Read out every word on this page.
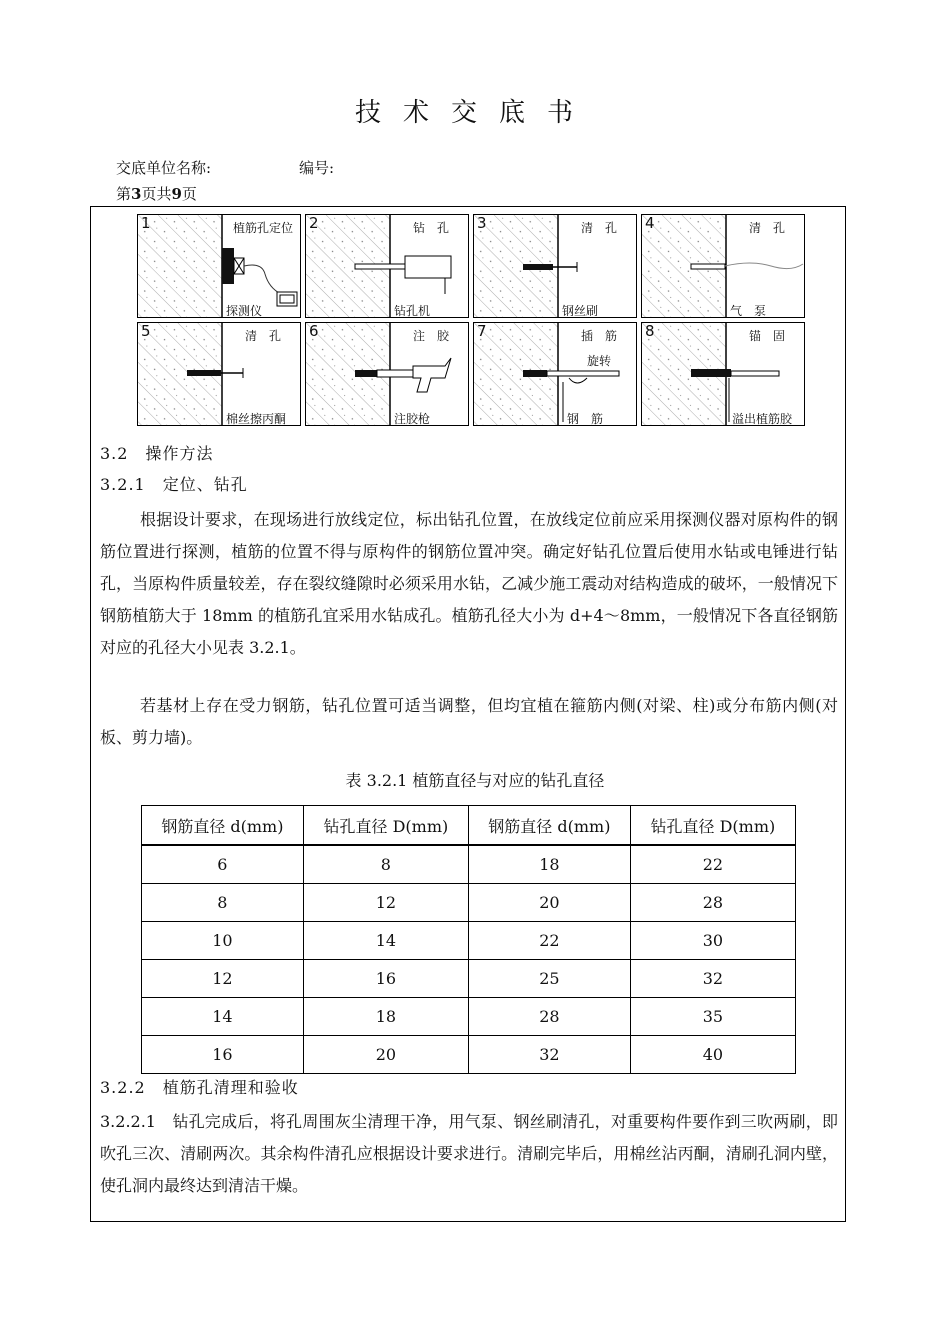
技术交底书
交底单位名称:	编号:
第3页共9页
1	植筋孔定位
探测仪
2	钻　孔
钻孔机
3	清　孔
钢丝刷
4	清　孔
气　泵
5	清　孔
棉丝擦丙酮
6	注　胶
注胶枪
7	插　筋
旋转
钢　筋
8	锚　固
溢出植筋胶
3.2　操作方法
3.2.1　定位、钻孔
根据设计要求，在现场进行放线定位，标出钻孔位置，在放线定位前应采用探测仪器对原构件的钢筋位置进行探测，植筋的位置不得与原构件的钢筋位置冲突。确定好钻孔位置后使用水钻或电锤进行钻孔，当原构件质量较差，存在裂纹缝隙时必须采用水钻，乙减少施工震动对结构造成的破坏，一般情况下钢筋植筋大于 18mm 的植筋孔宜采用水钻成孔。植筋孔径大小为 d+4～8mm，一般情况下各直径钢筋对应的孔径大小见表 3.2.1。
若基材上存在受力钢筋，钻孔位置可适当调整，但均宜植在箍筋内侧(对梁、柱)或分布筋内侧(对板、剪力墙)。
表 3.2.1 植筋直径与对应的钻孔直径
钢筋直径 d(mm)	钻孔直径 D(mm)	钢筋直径 d(mm)	钻孔直径 D(mm)
6	8	18	22
8	12	20	28
10	14	22	30
12	16	25	32
14	18	28	35
16	20	32	40
3.2.2　植筋孔清理和验收
3.2.2.1　钻孔完成后，将孔周围灰尘清理干净，用气泵、钢丝刷清孔，对重要构件要作到三吹两刷，即吹孔三次、清刷两次。其余构件清孔应根据设计要求进行。清刷完毕后，用棉丝沾丙酮，清刷孔洞内壁，使孔洞内最终达到清洁干燥。
